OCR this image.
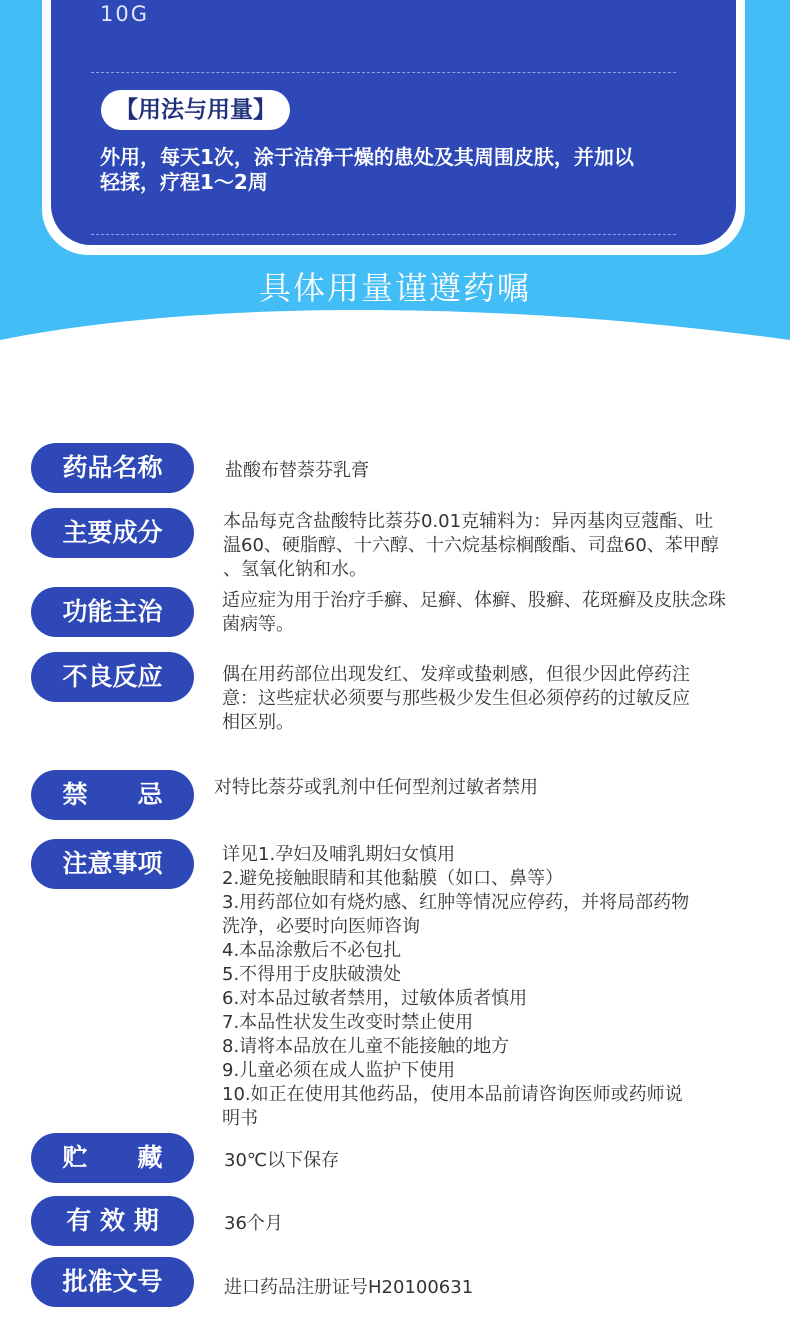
10G
【用法与用量】
外用，每天1次，涂于洁净干燥的患处及其周围皮肤，并加以
轻揉，疗程1～2周
具体用量谨遵药嘱
药品名称	盐酸布替萘芬乳膏
主要成分	本品每克含盐酸特比萘芬0.01克辅料为：异丙基肉豆蔻酯、吐
温60、硬脂醇、十六醇、十六烷基棕榈酸酯、司盘60、苯甲醇
、氢氧化钠和水。
功能主治	适应症为用于治疗手癣、足癣、体癣、股癣、花斑癣及皮肤念珠
菌病等。
不良反应	偶在用药部位出现发红、发痒或蛰刺感，但很少因此停药注
意：这些症状必须要与那些极少发生但必须停药的过敏反应
相区别。
禁　　忌	对特比萘芬或乳剂中任何型剂过敏者禁用
注意事项	详见1.孕妇及哺乳期妇女慎用
2.避免接触眼睛和其他黏膜（如口、鼻等）
3.用药部位如有烧灼感、红肿等情况应停药，并将局部药物
洗净，必要时向医师咨询
4.本品涂敷后不必包扎
5.不得用于皮肤破溃处
6.对本品过敏者禁用，过敏体质者慎用
7.本品性状发生改变时禁止使用
8.请将本品放在儿童不能接触的地方
9.儿童必须在成人监护下使用
10.如正在使用其他药品，使用本品前请咨询医师或药师说
明书
贮　　藏	30℃以下保存
有 效 期	36个月
批准文号	进口药品注册证号H20100631
